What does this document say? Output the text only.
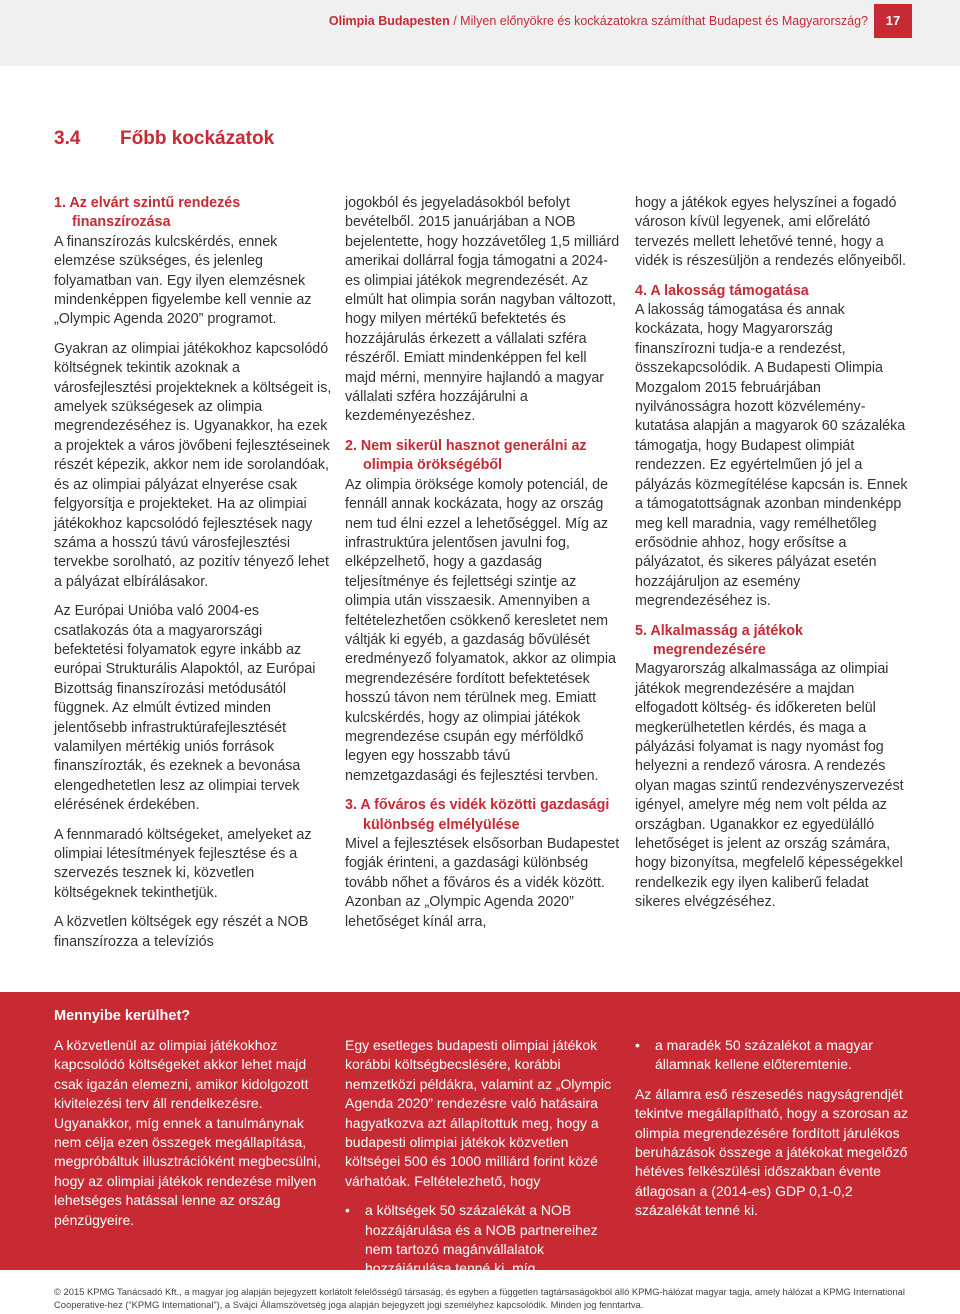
Olimpia Budapesten / Milyen előnyökre és kockázatokra számíthat Budapest és Magyarország?	17
3.4 Főbb kockázatok

1. Az elvárt szintű rendezés finanszírozása

A finanszírozás kulcskérdés, ennek elemzése szükséges, és jelenleg folyamatban van. Egy ilyen elemzésnek mindenképpen figyelembe kell vennie az „Olympic Agenda 2020” programot.

Gyakran az olimpiai játékokhoz kapcsolódó költségnek tekintik azoknak a városfejlesztési projekteknek a költségeit is, amelyek szükségesek az olimpia megrendezéséhez is. Ugyanakkor, ha ezek a projektek a város jövőbeni fejlesztéseinek részét képezik, akkor nem ide sorolandóak, és az olimpiai pályázat elnyerése csak felgyorsítja e projekteket. Ha az olimpiai játékokhoz kapcsolódó fejlesztések nagy száma a hosszú távú városfejlesztési tervekbe sorolható, az pozitív tényező lehet a pályázat elbírálásakor.

Az Európai Unióba való 2004-es csatlakozás óta a magyarországi befektetési folyamatok egyre inkább az európai Strukturális Alapoktól, az Európai Bizottság finanszírozási metódusától függnek. Az elmúlt évtized minden jelentősebb infrastruktúrafejlesztését valamilyen mértékig uniós források finanszírozták, és ezeknek a bevonása elengedhetetlen lesz az olimpiai tervek elérésének érdekében.

A fennmaradó költségeket, amelyeket az olimpiai létesítmények fejlesztése és a szervezés tesznek ki, közvetlen költségeknek tekinthetjük.

A közvetlen költségek egy részét a NOB finanszírozza a televíziós

jogokból és jegyeladásokból befolyt bevételből. 2015 januárjában a NOB bejelentette, hogy hozzávetőleg 1,5 milliárd amerikai dollárral fogja támogatni a 2024-es olimpiai játékok megrendezését. Az elmúlt hat olimpia során nagyban változott, hogy milyen mértékű befektetés és hozzájárulás érkezett a vállalati szféra részéről. Emiatt mindenképpen fel kell majd mérni, mennyire hajlandó a magyar vállalati szféra hozzájárulni a kezdeményezéshez.

2. Nem sikerül hasznot generálni az olimpia örökségéből

Az olimpia öröksége komoly potenciál, de fennáll annak kockázata, hogy az ország nem tud élni ezzel a lehetőséggel. Míg az infrastruktúra jelentősen javulni fog, elképzelhető, hogy a gazdaság teljesítménye és fejlettségi szintje az olimpia után visszaesik. Amennyiben a feltételezhetően csökkenő keresletet nem váltják ki egyéb, a gazdaság bővülését eredményező folyamatok, akkor az olimpia megrendezésére fordított befektetések hosszú távon nem térülnek meg. Emiatt kulcskérdés, hogy az olimpiai játékok megrendezése csupán egy mérföldkő legyen egy hosszabb távú nemzetgazdasági és fejlesztési tervben.

3. A főváros és vidék közötti gazdasági különbség elmélyülése

Mivel a fejlesztések elsősorban Budapestet fogják érinteni, a gazdasági különbség tovább nőhet a főváros és a vidék között. Azonban az „Olympic Agenda 2020” lehetőséget kínál arra,

hogy a játékok egyes helyszínei a fogadó városon kívül legyenek, ami előrelátó tervezés mellett lehetővé tenné, hogy a vidék is részesüljön a rendezés előnyeiből.

4. A lakosság támogatása

A lakosság támogatása és annak kockázata, hogy Magyarország finanszírozni tudja-e a rendezést, összekapcsolódik. A Budapesti Olimpia Mozgalom 2015 februárjában nyilvánosságra hozott közvélemény-kutatása alapján a magyarok 60 százaléka támogatja, hogy Budapest olimpiát rendezzen. Ez egyértelműen jó jel a pályázás közmegítélése kapcsán is. Ennek a támogatottságnak azonban mindenképp meg kell maradnia, vagy remélhetőleg erősödnie ahhoz, hogy erősítse a pályázatot, és sikeres pályázat esetén hozzájáruljon az esemény megrendezéséhez is.

5. Alkalmasság a játékok megrendezésére

Magyarország alkalmassága az olimpiai játékok megrendezésére a majdan elfogadott költség- és időkereten belül megkerülhetetlen kérdés, és maga a pályázási folyamat is nagy nyomást fog helyezni a rendező városra. A rendezés olyan magas szintű rendezvényszervezést igényel, amelyre még nem volt példa az országban. Uganakkor ez egyedülálló lehetőséget is jelent az ország számára, hogy bizonyítsa, megfelelő képességekkel rendelkezik egy ilyen kaliberű feladat sikeres elvégzéséhez.

Mennyibe kerülhet?

A közvetlenül az olimpiai játékokhoz kapcsolódó költségeket akkor lehet majd csak igazán elemezni, amikor kidolgozott kivitelezési terv áll rendelkezésre. Ugyanakkor, míg ennek a tanulmánynak nem célja ezen összegek megállapítása, megpróbáltuk illusztrációként megbecsülni, hogy az olimpiai játékok rendezése milyen lehetséges hatással lenne az ország pénzügyeire.

Egy esetleges budapesti olimpiai játékok korábbi költségbecslésére, korábbi nemzetközi példákra, valamint az „Olympic Agenda 2020” rendezésre való hatásaira hagyatkozva azt állapítottuk meg, hogy a budapesti olimpiai játékok közvetlen költségei 500 és 1000 milliárd forint közé várhatóak. Feltételezhető, hogy

• a költségek 50 százalékát a NOB hozzájárulása és a NOB partnereihez nem tartozó magánvállalatok hozzájárulása tenné ki, míg

• a maradék 50 százalékot a magyar államnak kellene előteremtenie.

Az államra eső részesedés nagyságrendjét tekintve megállapítható, hogy a szorosan az olimpia megrendezésére fordított járulékos beruházások összege a játékokat megelőző hétéves felkészülési időszakban évente átlagosan a (2014-es) GDP 0,1-0,2 százalékát tenné ki.

© 2015 KPMG Tanácsadó Kft., a magyar jog alapján bejegyzett korlátolt felelősségű társaság, és egyben a független tagtársaságokból álló KPMG-hálózat magyar tagja, amely hálózat a KPMG International Cooperative-hez (“KPMG International”), a Svájci Államszövetség joga alapján bejegyzett jogi személyhez kapcsolódik. Minden jog fenntartva.
